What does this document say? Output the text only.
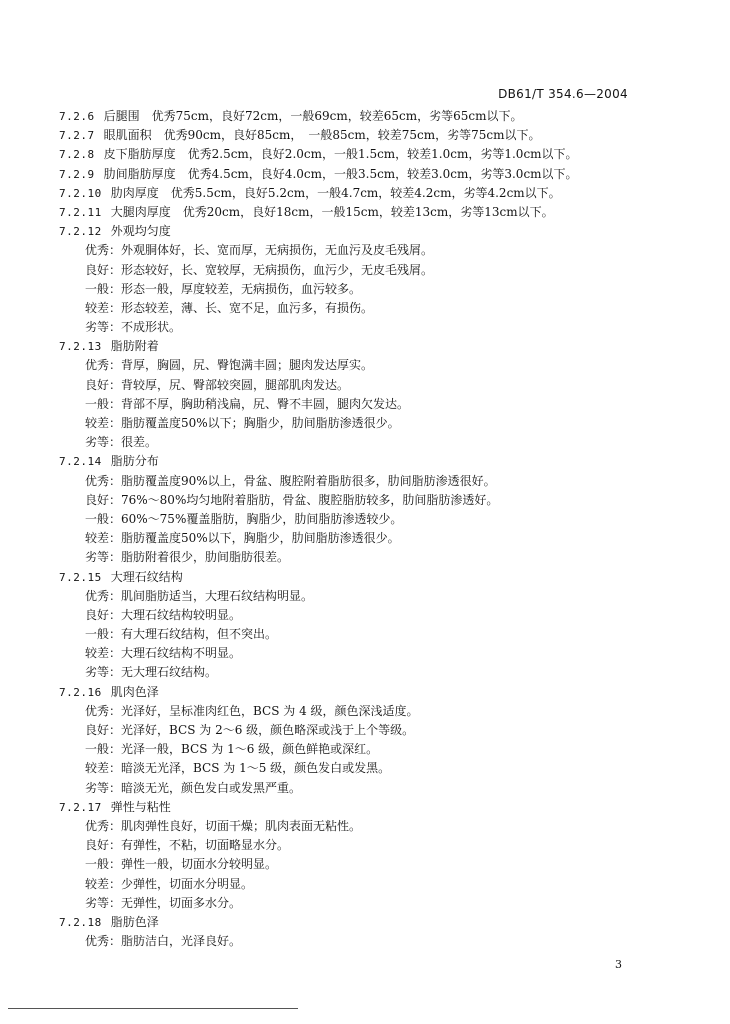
DB61/T 354.6—2004
7.2.6 后腿围　优秀75cm，良好72cm，一般69cm，较差65cm，劣等65cm以下。
7.2.7 眼肌面积　优秀90cm，良好85cm，　一般85cm，较差75cm，劣等75cm以下。
7.2.8 皮下脂肪厚度　优秀2.5cm，良好2.0cm，一般1.5cm，较差1.0cm，劣等1.0cm以下。
7.2.9 肋间脂肪厚度　优秀4.5cm，良好4.0cm，一般3.5cm，较差3.0cm，劣等3.0cm以下。
7.2.10 肋肉厚度　优秀5.5cm，良好5.2cm，一般4.7cm，较差4.2cm，劣等4.2cm以下。
7.2.11 大腿肉厚度　优秀20cm，良好18cm，一般15cm，较差13cm，劣等13cm以下。
7.2.12 外观均匀度
优秀：外观胴体好，长、宽而厚，无病损伤，无血污及皮毛残屑。
良好：形态较好，长、宽较厚，无病损伤，血污少，无皮毛残屑。
一般：形态一般，厚度较差，无病损伤，血污较多。
较差：形态较差，薄、长、宽不足，血污多，有损伤。
劣等：不成形状。
7.2.13 脂肪附着
优秀：背厚，胸圆，尻、臀饱满丰圆；腿肉发达厚实。
良好：背较厚，尻、臀部较突圆，腿部肌肉发达。
一般：背部不厚，胸助稍浅扁，尻、臀不丰圆，腿肉欠发达。
较差：脂肪覆盖度50%以下；胸脂少，肋间脂肪渗透很少。
劣等：很差。
7.2.14 脂肪分布
优秀：脂肪覆盖度90%以上，骨盆、腹腔附着脂肪很多，肋间脂肪渗透很好。
良好：76%～80%均匀地附着脂肪，骨盆、腹腔脂肪较多，肋间脂肪渗透好。
一般：60%～75%覆盖脂肪，胸脂少，肋间脂肪渗透较少。
较差：脂肪覆盖度50%以下，胸脂少，肋间脂肪渗透很少。
劣等：脂肪附着很少，肋间脂肪很差。
7.2.15 大理石纹结构
优秀：肌间脂肪适当，大理石纹结构明显。
良好：大理石纹结构较明显。
一般：有大理石纹结构，但不突出。
较差：大理石纹结构不明显。
劣等：无大理石纹结构。
7.2.16 肌肉色泽
优秀：光泽好，呈标准肉红色，BCS 为 4 级，颜色深浅适度。
良好：光泽好，BCS 为 2～6 级，颜色略深或浅于上个等级。
一般：光泽一般，BCS 为 1～6 级，颜色鲜艳或深红。
较差：暗淡无光泽，BCS 为 1～5 级，颜色发白或发黑。
劣等：暗淡无光，颜色发白或发黑严重。
7.2.17 弹性与粘性
优秀：肌肉弹性良好，切面干燥；肌肉表面无粘性。
良好：有弹性，不粘，切面略显水分。
一般：弹性一般，切面水分较明显。
较差：少弹性，切面水分明显。
劣等：无弹性，切面多水分。
7.2.18 脂肪色泽
优秀：脂肪洁白，光泽良好。
3
